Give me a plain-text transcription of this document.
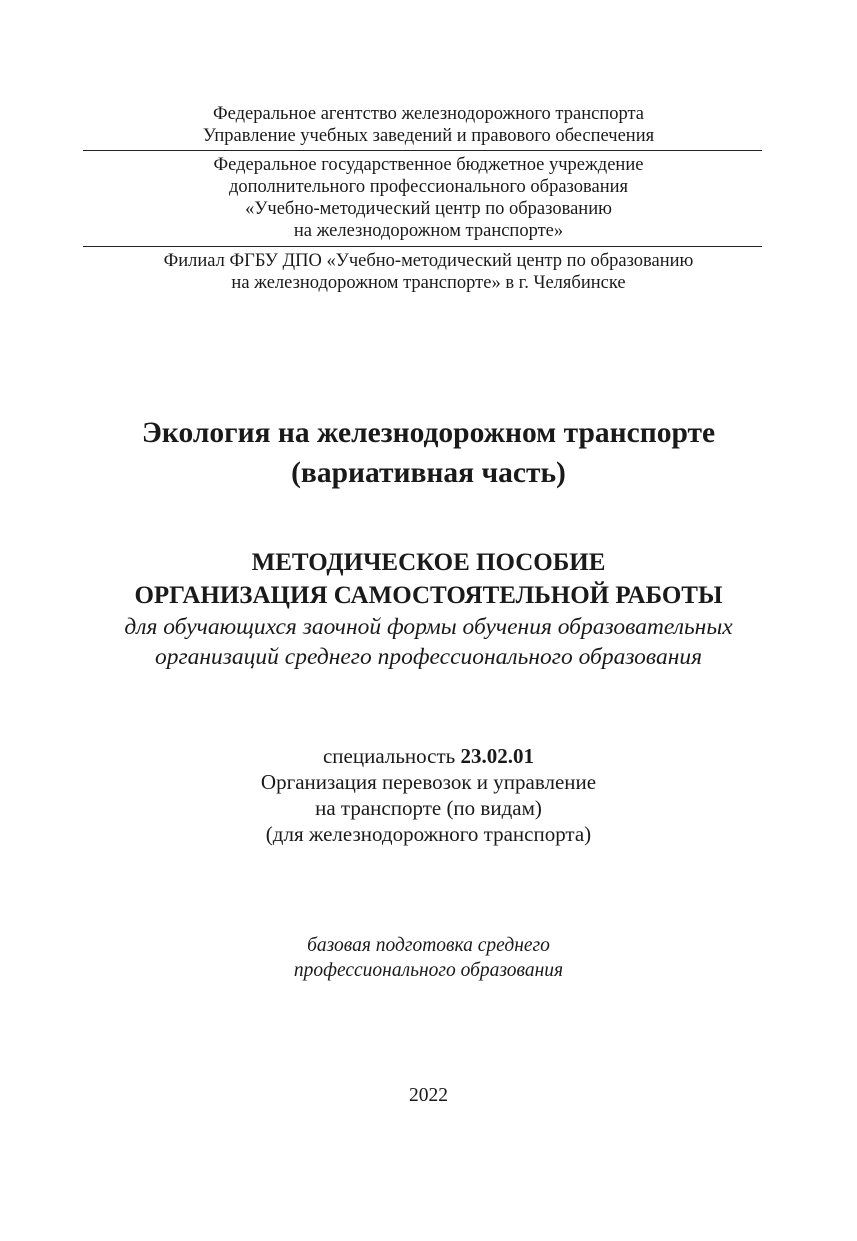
Федеральное агентство железнодорожного транспорта
Управление учебных заведений и правового обеспечения
Федеральное государственное бюджетное учреждение
дополнительного профессионального образования
«Учебно-методический центр по образованию
на железнодорожном транспорте»
Филиал ФГБУ ДПО «Учебно-методический центр по образованию
на железнодорожном транспорте» в г. Челябинске
Экология на железнодорожном транспорте
(вариативная часть)
МЕТОДИЧЕСКОЕ ПОСОБИЕ
ОРГАНИЗАЦИЯ САМОСТОЯТЕЛЬНОЙ РАБОТЫ
для обучающихся заочной формы обучения образовательных
организаций среднего профессионального образования
специальность 23.02.01
Организация перевозок и управление
на транспорте (по видам)
(для железнодорожного транспорта)
базовая подготовка среднего
профессионального образования
2022
